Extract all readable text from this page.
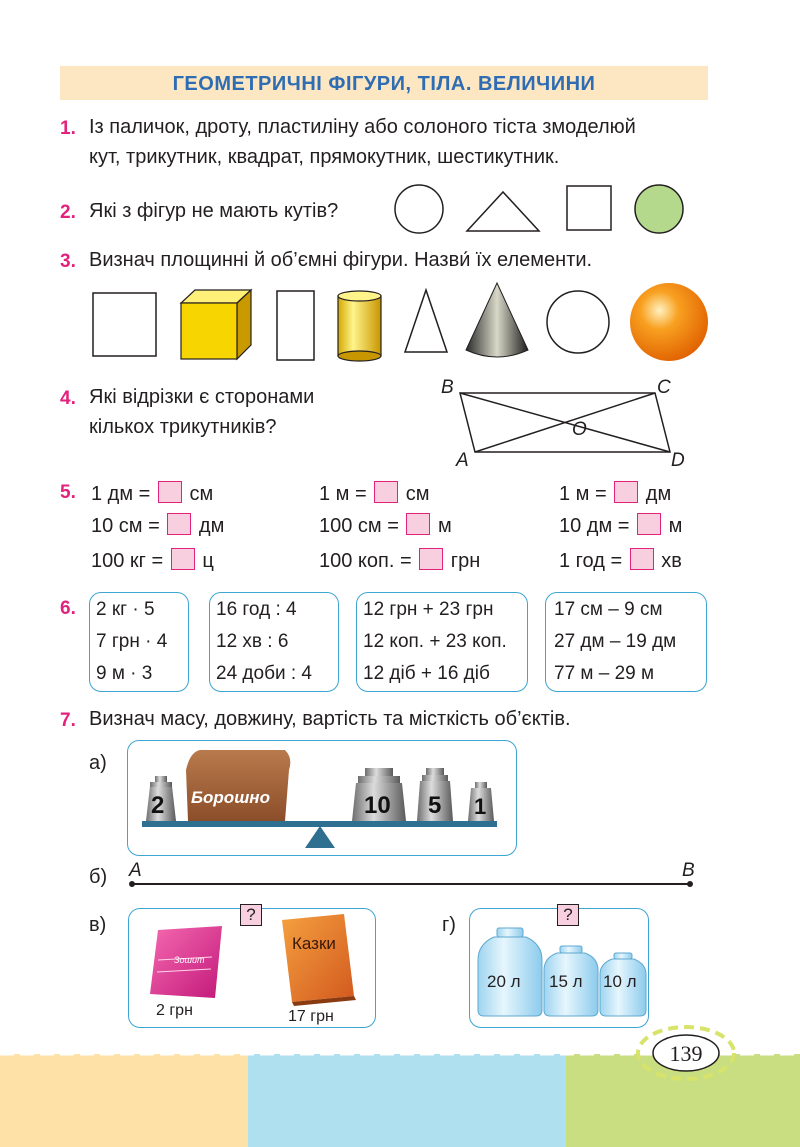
ГЕОМЕТРИЧНІ ФІГУРИ, ТІЛА. ВЕЛИЧИНИ
1. Із паличок, дроту, пластиліну або солоного тіста змоделюй
кут, трикутник, квадрат, прямокутник, шестикутник.
2. Які з фігур не мають кутів?
3. Визнач площинні й об’ємні фігури. Назви́ їх елементи.
4. Які відрізки є сторонами
кількох трикутників?
B	C
O
A	D
5. 1 дм = см	1 м = см	1 м = дм
10 см = дм	100 см = м	10 дм = м
100 кг = ц	100 коп. = грн	1 год = хв
6. 2 кг · 5
7 грн · 4
9 м · 3
16 год : 4
12 хв : 6
24 доби : 4
12 грн + 23 грн
12 коп. + 23 коп.
12 діб + 16 діб
17 см – 9 см
27 дм – 19 дм
77 м – 29 м
7. Визнач масу, довжину, вартість та місткість об’єктів.
а)
2 Борошно	10 5 1
б) A	B
в)	?
Зошит
Казки
2 грн	17 грн
г)	?
20 л 15 л 10 л
139
